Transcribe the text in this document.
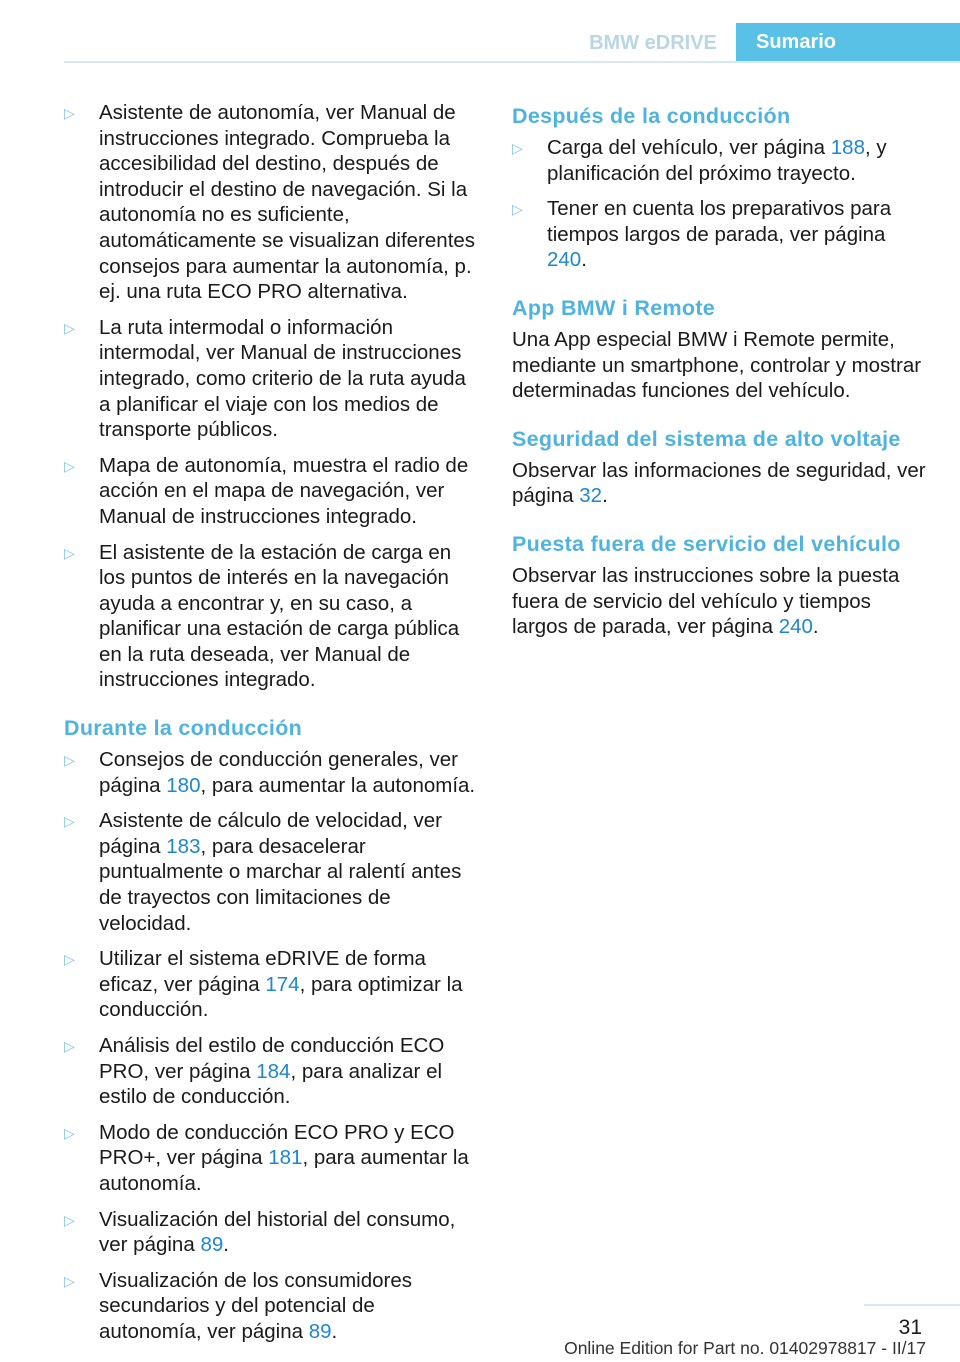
BMW eDRIVE	Sumario
▷ Asistente de autonomía, ver Manual de instrucciones integrado. Comprueba la accesibilidad del destino, después de introducir el destino de navegación. Si la autonomía no es suficiente, automáticamente se visualizan diferentes consejos para aumentar la autonomía, p. ej. una ruta ECO PRO alternativa.
▷ La ruta intermodal o información intermodal, ver Manual de instrucciones integrado, como criterio de la ruta ayuda a planificar el viaje con los medios de transporte públicos.
▷ Mapa de autonomía, muestra el radio de acción en el mapa de navegación, ver Manual de instrucciones integrado.
▷ El asistente de la estación de carga en los puntos de interés en la navegación ayuda a encontrar y, en su caso, a planificar una estación de carga pública en la ruta deseada, ver Manual de instrucciones integrado.
Durante la conducción
▷ Consejos de conducción generales, ver página 180, para aumentar la autonomía.
▷ Asistente de cálculo de velocidad, ver página 183, para desacelerar puntualmente o marchar al ralentí antes de trayectos con limitaciones de velocidad.
▷ Utilizar el sistema eDRIVE de forma eficaz, ver página 174, para optimizar la conducción.
▷ Análisis del estilo de conducción ECO PRO, ver página 184, para analizar el estilo de conducción.
▷ Modo de conducción ECO PRO y ECO PRO+, ver página 181, para aumentar la autonomía.
▷ Visualización del historial del consumo, ver página 89.
▷ Visualización de los consumidores secundarios y del potencial de autonomía, ver página 89.
Después de la conducción
▷ Carga del vehículo, ver página 188, y planificación del próximo trayecto.
▷ Tener en cuenta los preparativos para tiempos largos de parada, ver página 240.
App BMW i Remote

Una App especial BMW i Remote permite, mediante un smartphone, controlar y mostrar determinadas funciones del vehículo.

Seguridad del sistema de alto voltaje

Observar las informaciones de seguridad, ver página 32.

Puesta fuera de servicio del vehículo

Observar las instrucciones sobre la puesta fuera de servicio del vehículo y tiempos largos de parada, ver página 240.

31
Online Edition for Part no. 01402978817 - II/17
